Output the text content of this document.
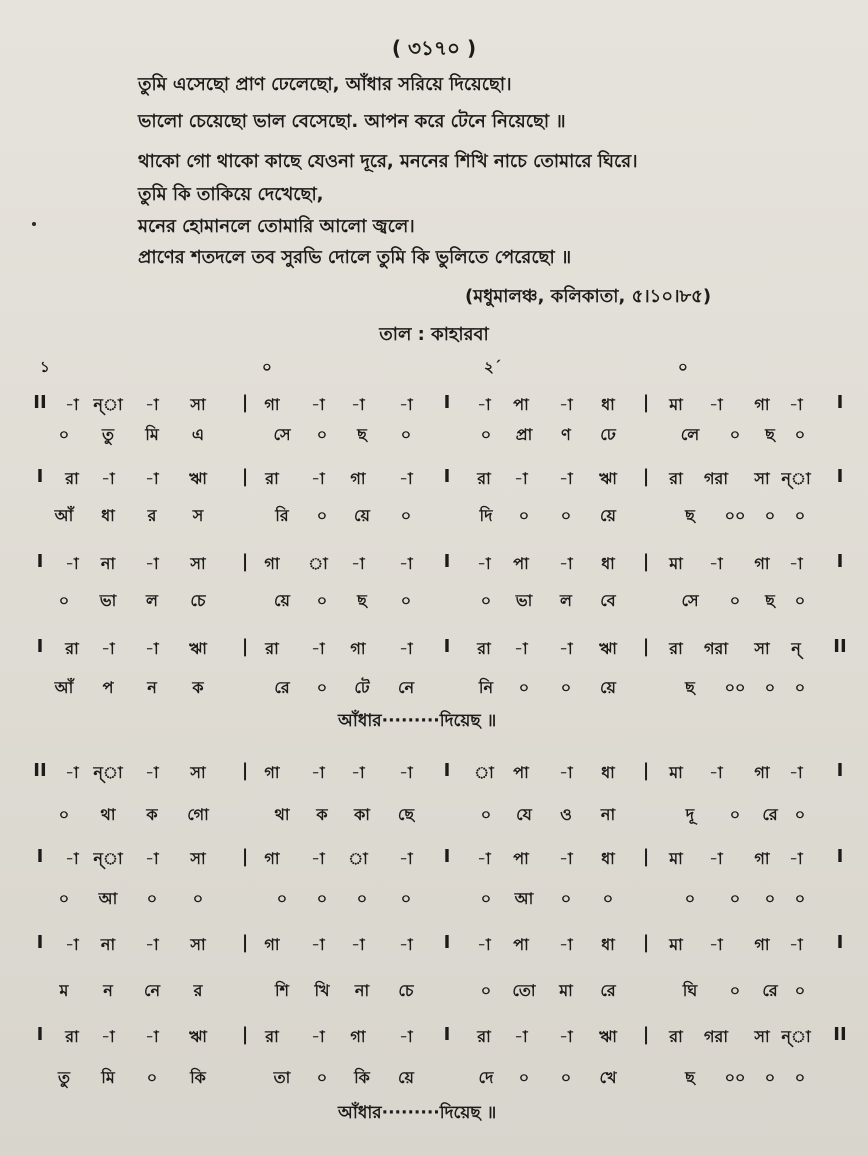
( ৩১৭০ )
তুমি এসেছো প্রাণ ঢেলেছো, আঁধার সরিয়ে দিয়েছো।
ভালো চেয়েছো ভাল বেসেছো. আপন করে টেনে নিয়েছো ॥
থাকো গো থাকো কাছে যেওনা দূরে, মননের শিখি নাচে তোমারে ঘিরে।
তুমি কি তাকিয়ে দেখেছো,
মনের হোমানলে তোমারি আলো জ্বলে।
প্রাণের শতদলে তব সুরভি দোলে তুমি কি ভুলিতে পেরেছো ॥
(মধুমালঞ্চ, কলিকাতা, ৫।১০।৮৫)
তাল : কাহারবা
১	০	২´	০
II -া ন্া -া সা | গা -া -া -া I -া পা -া ধা | মা -া গা -া I
০ তু মি এ	সে ০ ছ ০	০ প্রা ণ ঢে	লে ০ ছ ০
I রা -া -া ঋা | রা -া গা -া I রা -া -া ঋা | রা গরা সা ন্া I
আঁ ধা র স	রি ০ য়ে ০	দি ০ ০ য়ে	ছ ০০ ০ ০
I -া না -া সা | গা া -া -া I -া পা -া ধা | মা -া গা -া I
০ ভা ল চে	য়ে ০ ছ ০	০ ভা ল বে	সে ০ ছ ০
I রা -া -া ঋা | রা -া গা -া I রা -া -া ঋা | রা গরা সা ন্ II
আঁ প ন ক	রে ০ টে নে	নি ০ ০ য়ে	ছ ০০ ০ ০
আঁধার·········দিয়েছ ॥
II -া ন্া -া সা | গা -া -া -া I া পা -া ধা | মা -া গা -া I
০ থা ক গো	থা ক কা ছে	০ যে ও না	দূ ০ রে ০
I -া ন্া -া সা | গা -া া -া I -া পা -া ধা | মা -া গা -া I
০ আ ০ ০	০ ০ ০ ০	০ আ ০ ০	০ ০ ০ ০
I -া না -া সা | গা -া -া -া I -া পা -া ধা | মা -া গা -া I
ম ন নে র	শি খি না চে	০ তো মা রে	ঘি ০ রে ০
I রা -া -া ঋা | রা -া গা -া I রা -া -া ঋা | রা গরা সা ন্া II
তু মি ০ কি	তা ০ কি য়ে	দে ০ ০ খে	ছ ০০ ০ ০
আঁধার·········দিয়েছ ॥
